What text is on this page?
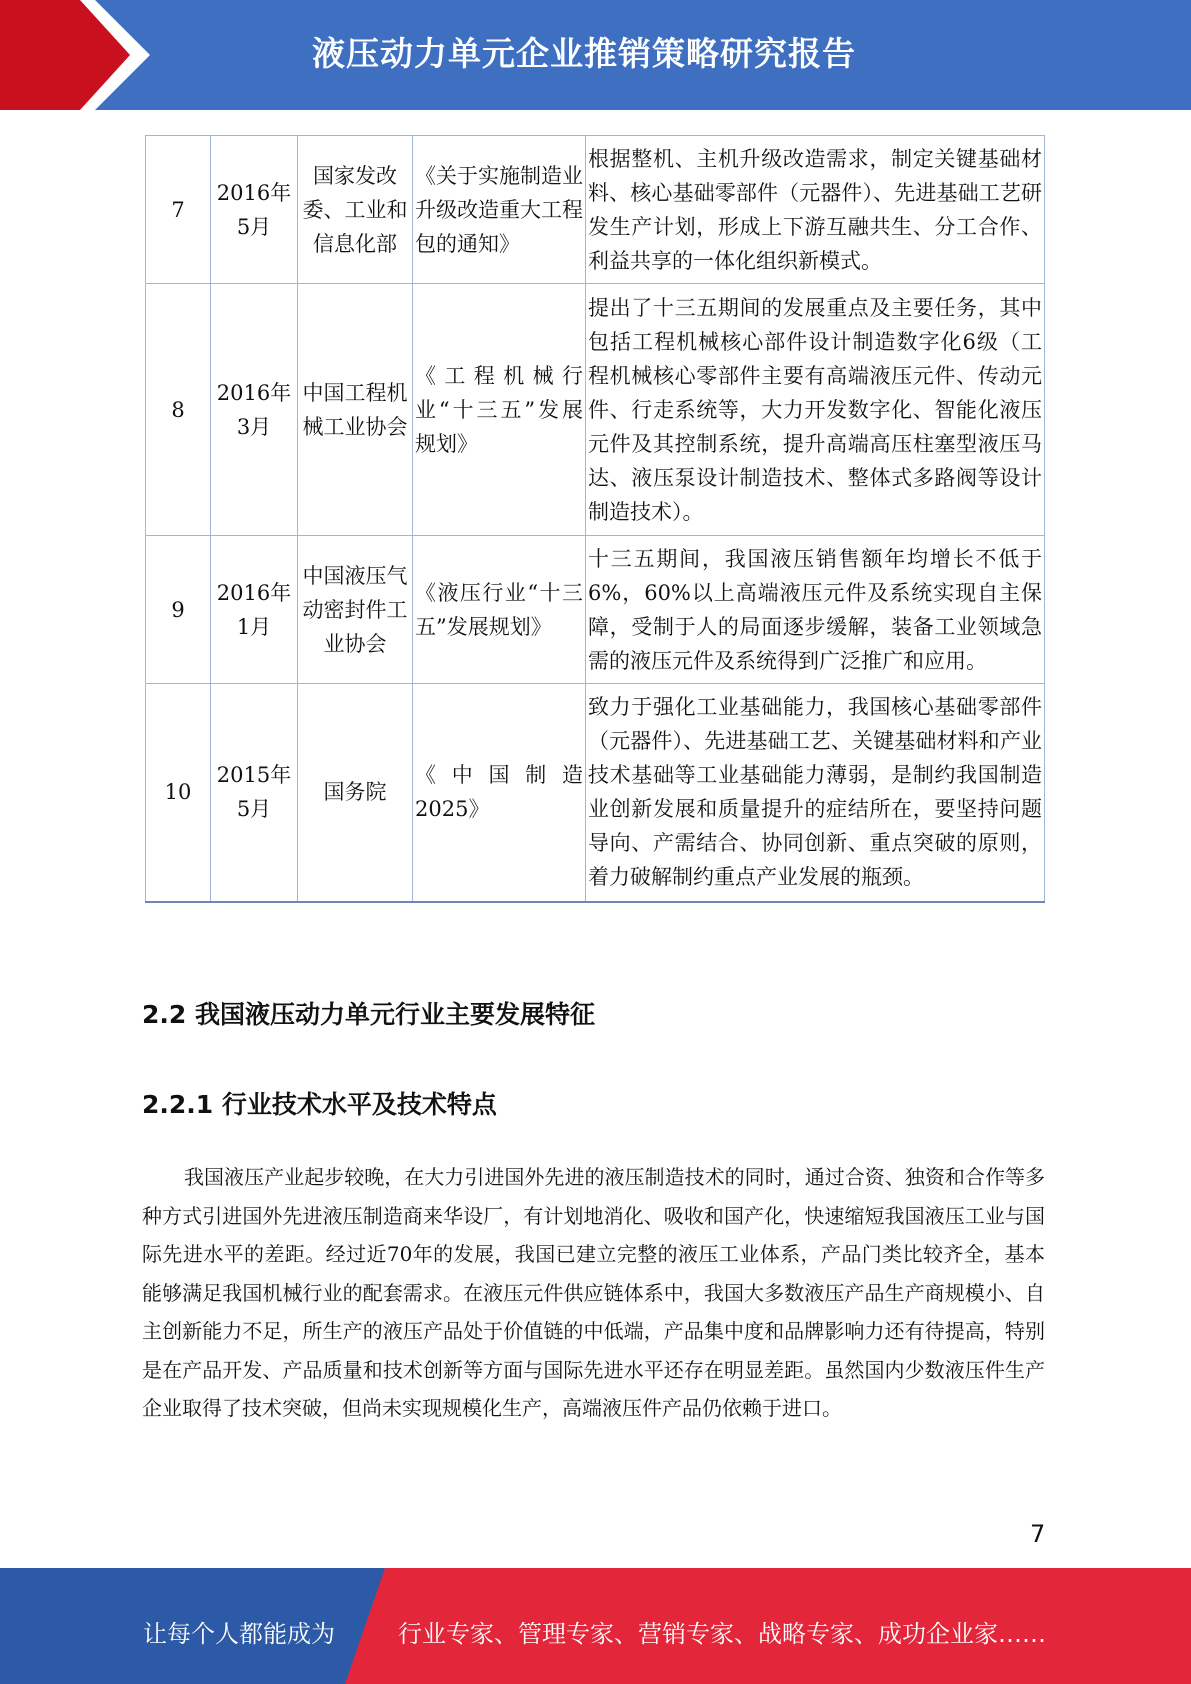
液压动力单元企业推销策略研究报告
7	2016年5月	国家发改委、工业和信息化部	《关于实施制造业升级改造重大工程包的通知》	根据整机、主机升级改造需求，制定关键基础材料、核心基础零部件（元器件）、先进基础工艺研发生产计划，形成上下游互融共生、分工合作、利益共享的一体化组织新模式。
8	2016年3月	中国工程机械工业协会	《工程机械行业“十三五”发展规划》	提出了十三五期间的发展重点及主要任务，其中包括工程机械核心部件设计制造数字化6级（工程机械核心零部件主要有高端液压元件、传动元件、行走系统等，大力开发数字化、智能化液压元件及其控制系统，提升高端高压柱塞型液压马达、液压泵设计制造技术、整体式多路阀等设计制造技术）。
9	2016年1月	中国液压气动密封件工业协会	《液压行业“十三五”发展规划》	十三五期间，我国液压销售额年均增长不低于6%，60%以上高端液压元件及系统实现自主保障，受制于人的局面逐步缓解，装备工业领域急需的液压元件及系统得到广泛推广和应用。
10	2015年5月	国务院	《中国制造2025》	致力于强化工业基础能力，我国核心基础零部件（元器件）、先进基础工艺、关键基础材料和产业技术基础等工业基础能力薄弱，是制约我国制造业创新发展和质量提升的症结所在，要坚持问题导向、产需结合、协同创新、重点突破的原则，着力破解制约重点产业发展的瓶颈。
2.2 我国液压动力单元行业主要发展特征
2.2.1 行业技术水平及技术特点

我国液压产业起步较晚，在大力引进国外先进的液压制造技术的同时，通过合资、独资和合作等多种方式引进国外先进液压制造商来华设厂，有计划地消化、吸收和国产化，快速缩短我国液压工业与国际先进水平的差距。经过近70年的发展，我国已建立完整的液压工业体系，产品门类比较齐全，基本能够满足我国机械行业的配套需求。在液压元件供应链体系中，我国大多数液压产品生产商规模小、自主创新能力不足，所生产的液压产品处于价值链的中低端，产品集中度和品牌影响力还有待提高，特别是在产品开发、产品质量和技术创新等方面与国际先进水平还存在明显差距。虽然国内少数液压件生产企业取得了技术突破，但尚未实现规模化生产，高端液压件产品仍依赖于进口。

7
让每个人都能成为	行业专家、管理专家、营销专家、战略专家、成功企业家……
